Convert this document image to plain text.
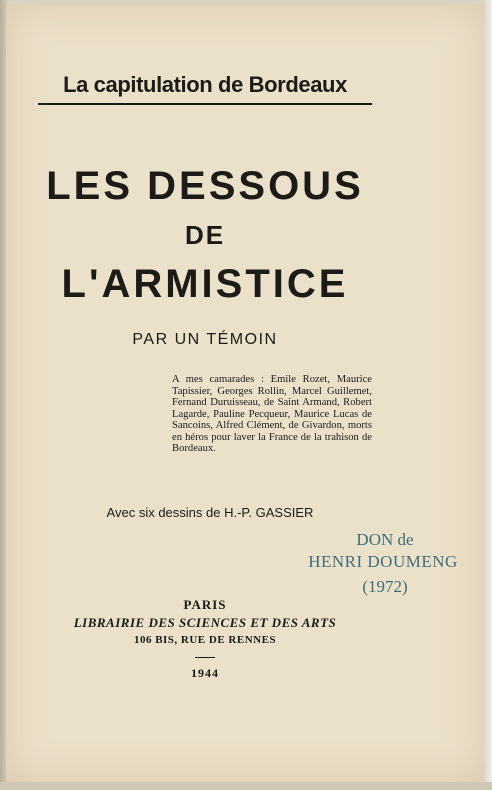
La capitulation de Bordeaux

LES DESSOUS

DE

L'ARMISTICE

PAR UN TÉMOIN

A mes camarades : Emile Rozet, Maurice Tapissier, Georges Rollin, Marcel Guillemet, Fernand Duruisseau, de Saint Armand, Robert Lagarde, Pauline Pecqueur, Maurice Lucas de Sancoins, Alfred Clément, de Givardon, morts en héros pour laver la France de la trahison de Bordeaux.

Avec six dessins de H.-P. GASSIER

DON de

HENRI DOUMENG

(1972)

PARIS

LIBRAIRIE DES SCIENCES ET DES ARTS

106 BIS, RUE DE RENNES

1944
